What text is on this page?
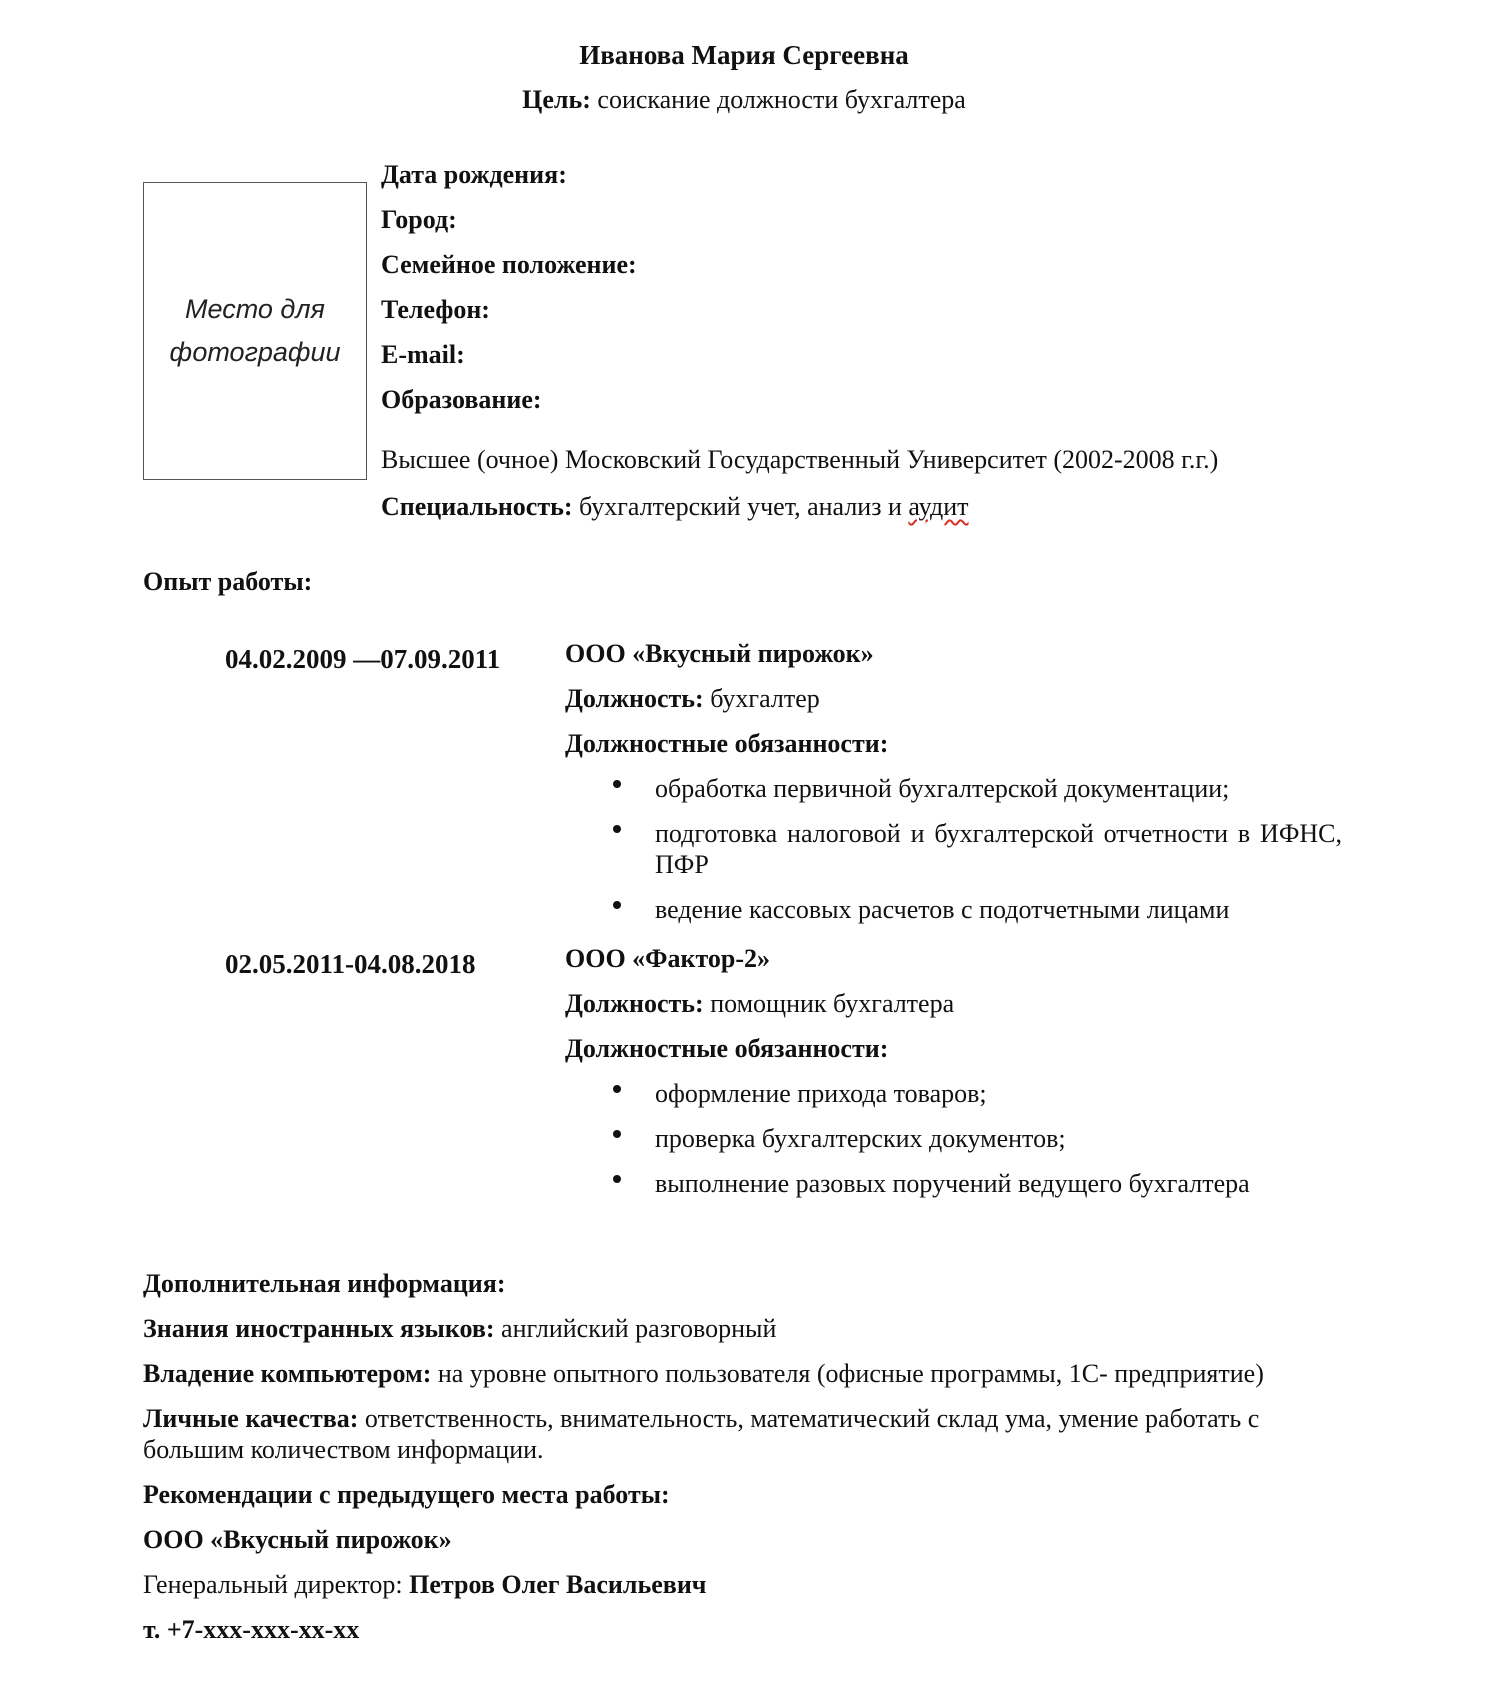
Иванова Мария Сергеевна
Цель: соискание должности бухгалтера
Место для
фотографии
Дата рождения:
Город:
Семейное положение:
Телефон:
E-mail:
Образование:
Высшее (очное) Московский Государственный Университет (2002-2008 г.г.)
Специальность: бухгалтерский учет, анализ и аудит
Опыт работы:
04.02.2009 —07.09.2011 ООО «Вкусный пирожок»
Должность: бухгалтер
Должностные обязанности:
обработка первичной бухгалтерской документации;
подготовка налоговой и бухгалтерской отчетности в ИФНС, ПФР
ведение кассовых расчетов с подотчетными лицами
02.05.2011-04.08.2018	ООО «Фактор-2»
Должность: помощник бухгалтера
Должностные обязанности:
оформление прихода товаров;
проверка бухгалтерских документов;
выполнение разовых поручений ведущего бухгалтера
Дополнительная информация:
Знания иностранных языков: английский разговорный
Владение компьютером: на уровне опытного пользователя (офисные программы, 1С- предприятие)
Личные качества: ответственность, внимательность, математический склад ума, умение работать с большим количеством информации.
Рекомендации с предыдущего места работы:
ООО «Вкусный пирожок»
Генеральный директор: Петров Олег Васильевич
т. +7-xxx-xxx-xx-xx
